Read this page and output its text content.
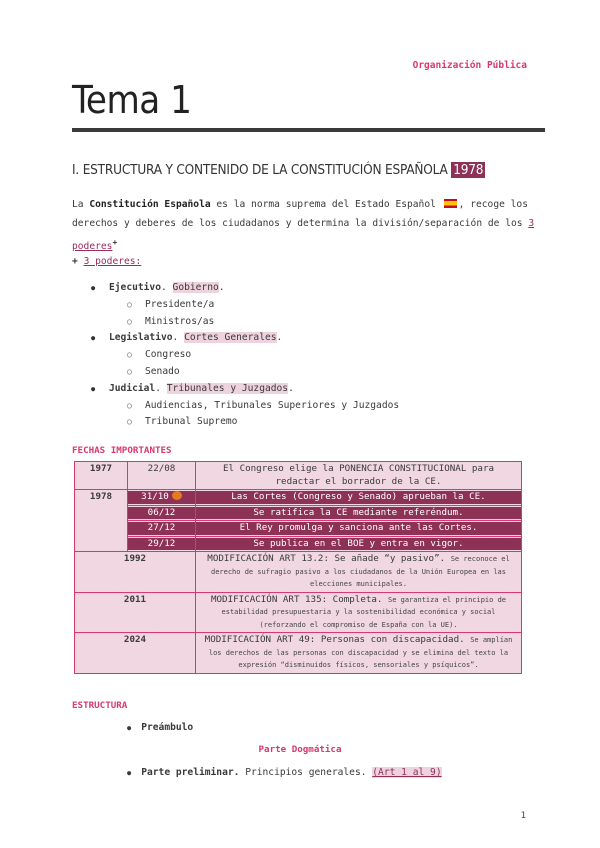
Organización Pública
Tema 1
I. ESTRUCTURA Y CONTENIDO DE LA CONSTITUCIÓN ESPAÑOLA 1978
La Constitución Española es la norma suprema del Estado Español , recoge los derechos y deberes de los ciudadanos y determina la división/separación de los 3 poderes+
+ 3 poderes:
● Ejecutivo. Gobierno.
○ Presidente/a
○ Ministros/as
● Legislativo. Cortes Generales.
○ Congreso
○ Senado
● Judicial. Tribunales y Juzgados.
○ Audiencias, Tribunales Superiores y Juzgados
○ Tribunal Supremo
FECHAS IMPORTANTES
1977	22/08	El Congreso elige la PONENCIA CONSTITUCIONAL para redactar el borrador de la CE.
1978	31/10	Las Cortes (Congreso y Senado) aprueban la CE.

	06/12	Se ratifica la CE mediante referéndum.

	27/12	El Rey promulga y sanciona ante las Cortes.

	29/12	Se publica en el BOE y entra en vigor.

1992		MODIFICACIÓN ART 13.2: Se añade “y pasivo”. Se reconoce el derecho de sufragio pasivo a los ciudadanos de la Unión Europea en las elecciones municipales.
2011		MODIFICACIÓN ART 135: Completa. Se garantiza el principio de estabilidad presupuestaria y la sostenibilidad económica y social (reforzando el compromiso de España con la UE).
2024		MODIFICACIÓN ART 49: Personas con discapacidad. Se amplían los derechos de las personas con discapacidad y se elimina del texto la expresión “disminuidos físicos, sensoriales y psíquicos”.
ESTRUCTURA
● Preámbulo
Parte Dogmática
● Parte preliminar. Principios generales. (Art 1 al 9)
1
